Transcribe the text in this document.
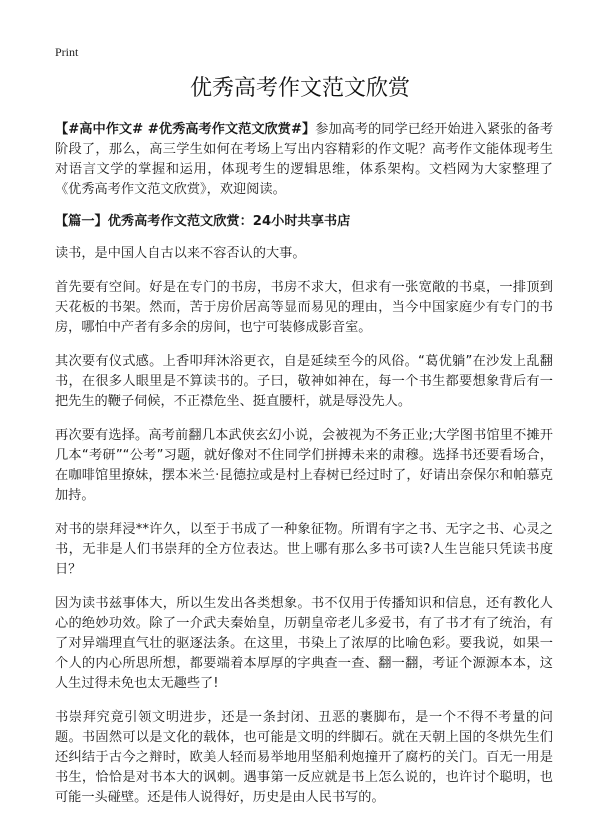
Print
优秀高考作文范文欣赏

【#高中作文# #优秀高考作文范文欣赏#】参加高考的同学已经开始进入紧张的备考阶段了，那么，高三学生如何在考场上写出内容精彩的作文呢？高考作文能体现考生对语言文学的掌握和运用，体现考生的逻辑思维，体系架构。文档网为大家整理了《优秀高考作文范文欣赏》，欢迎阅读。

【篇一】优秀高考作文范文欣赏：24小时共享书店

读书，是中国人自古以来不容否认的大事。

首先要有空间。好是在专门的书房，书房不求大，但求有一张宽敞的书桌，一排顶到天花板的书架。然而，苦于房价居高等显而易见的理由，当今中国家庭少有专门的书房，哪怕中产者有多余的房间，也宁可装修成影音室。

其次要有仪式感。上香叩拜沐浴更衣，自是延续至今的风俗。“葛优躺”在沙发上乱翻书，在很多人眼里是不算读书的。子曰，敬神如神在，每一个书生都要想象背后有一把先生的鞭子伺候，不正襟危坐、挺直腰杆，就是辱没先人。

再次要有选择。高考前翻几本武侠玄幻小说，会被视为不务正业;大学图书馆里不摊开几本“考研”“公考”习题，就好像对不住同学们拼搏未来的肃穆。选择书还要看场合，在咖啡馆里撩妹，摆本米兰·昆德拉或是村上春树已经过时了，好请出奈保尔和帕慕克加持。

对书的崇拜浸**许久，以至于书成了一种象征物。所谓有字之书、无字之书、心灵之书，无非是人们书崇拜的全方位表达。世上哪有那么多书可读?人生岂能只凭读书度日？

因为读书兹事体大，所以生发出各类想象。书不仅用于传播知识和信息，还有教化人心的绝妙功效。除了一介武夫秦始皇，历朝皇帝老儿多爱书，有了书才有了统治，有了对异端理直气壮的驱逐法条。在这里，书染上了浓厚的比喻色彩。要我说，如果一个人的内心所思所想，都要端着本厚厚的字典查一查、翻一翻，考证个源源本本，这人生过得未免也太无趣些了!

书崇拜究竟引领文明进步，还是一条封闭、丑恶的裹脚布，是一个不得不考量的问题。书固然可以是文化的载体，也可能是文明的绊脚石。就在天朝上国的冬烘先生们还纠结于古今之辩时，欧美人轻而易举地用坚船利炮撞开了腐朽的关门。百无一用是书生，恰恰是对书本大的讽刺。遇事第一反应就是书上怎么说的，也许讨个聪明，也可能一头碰壁。还是伟人说得好，历史是由人民书写的。
